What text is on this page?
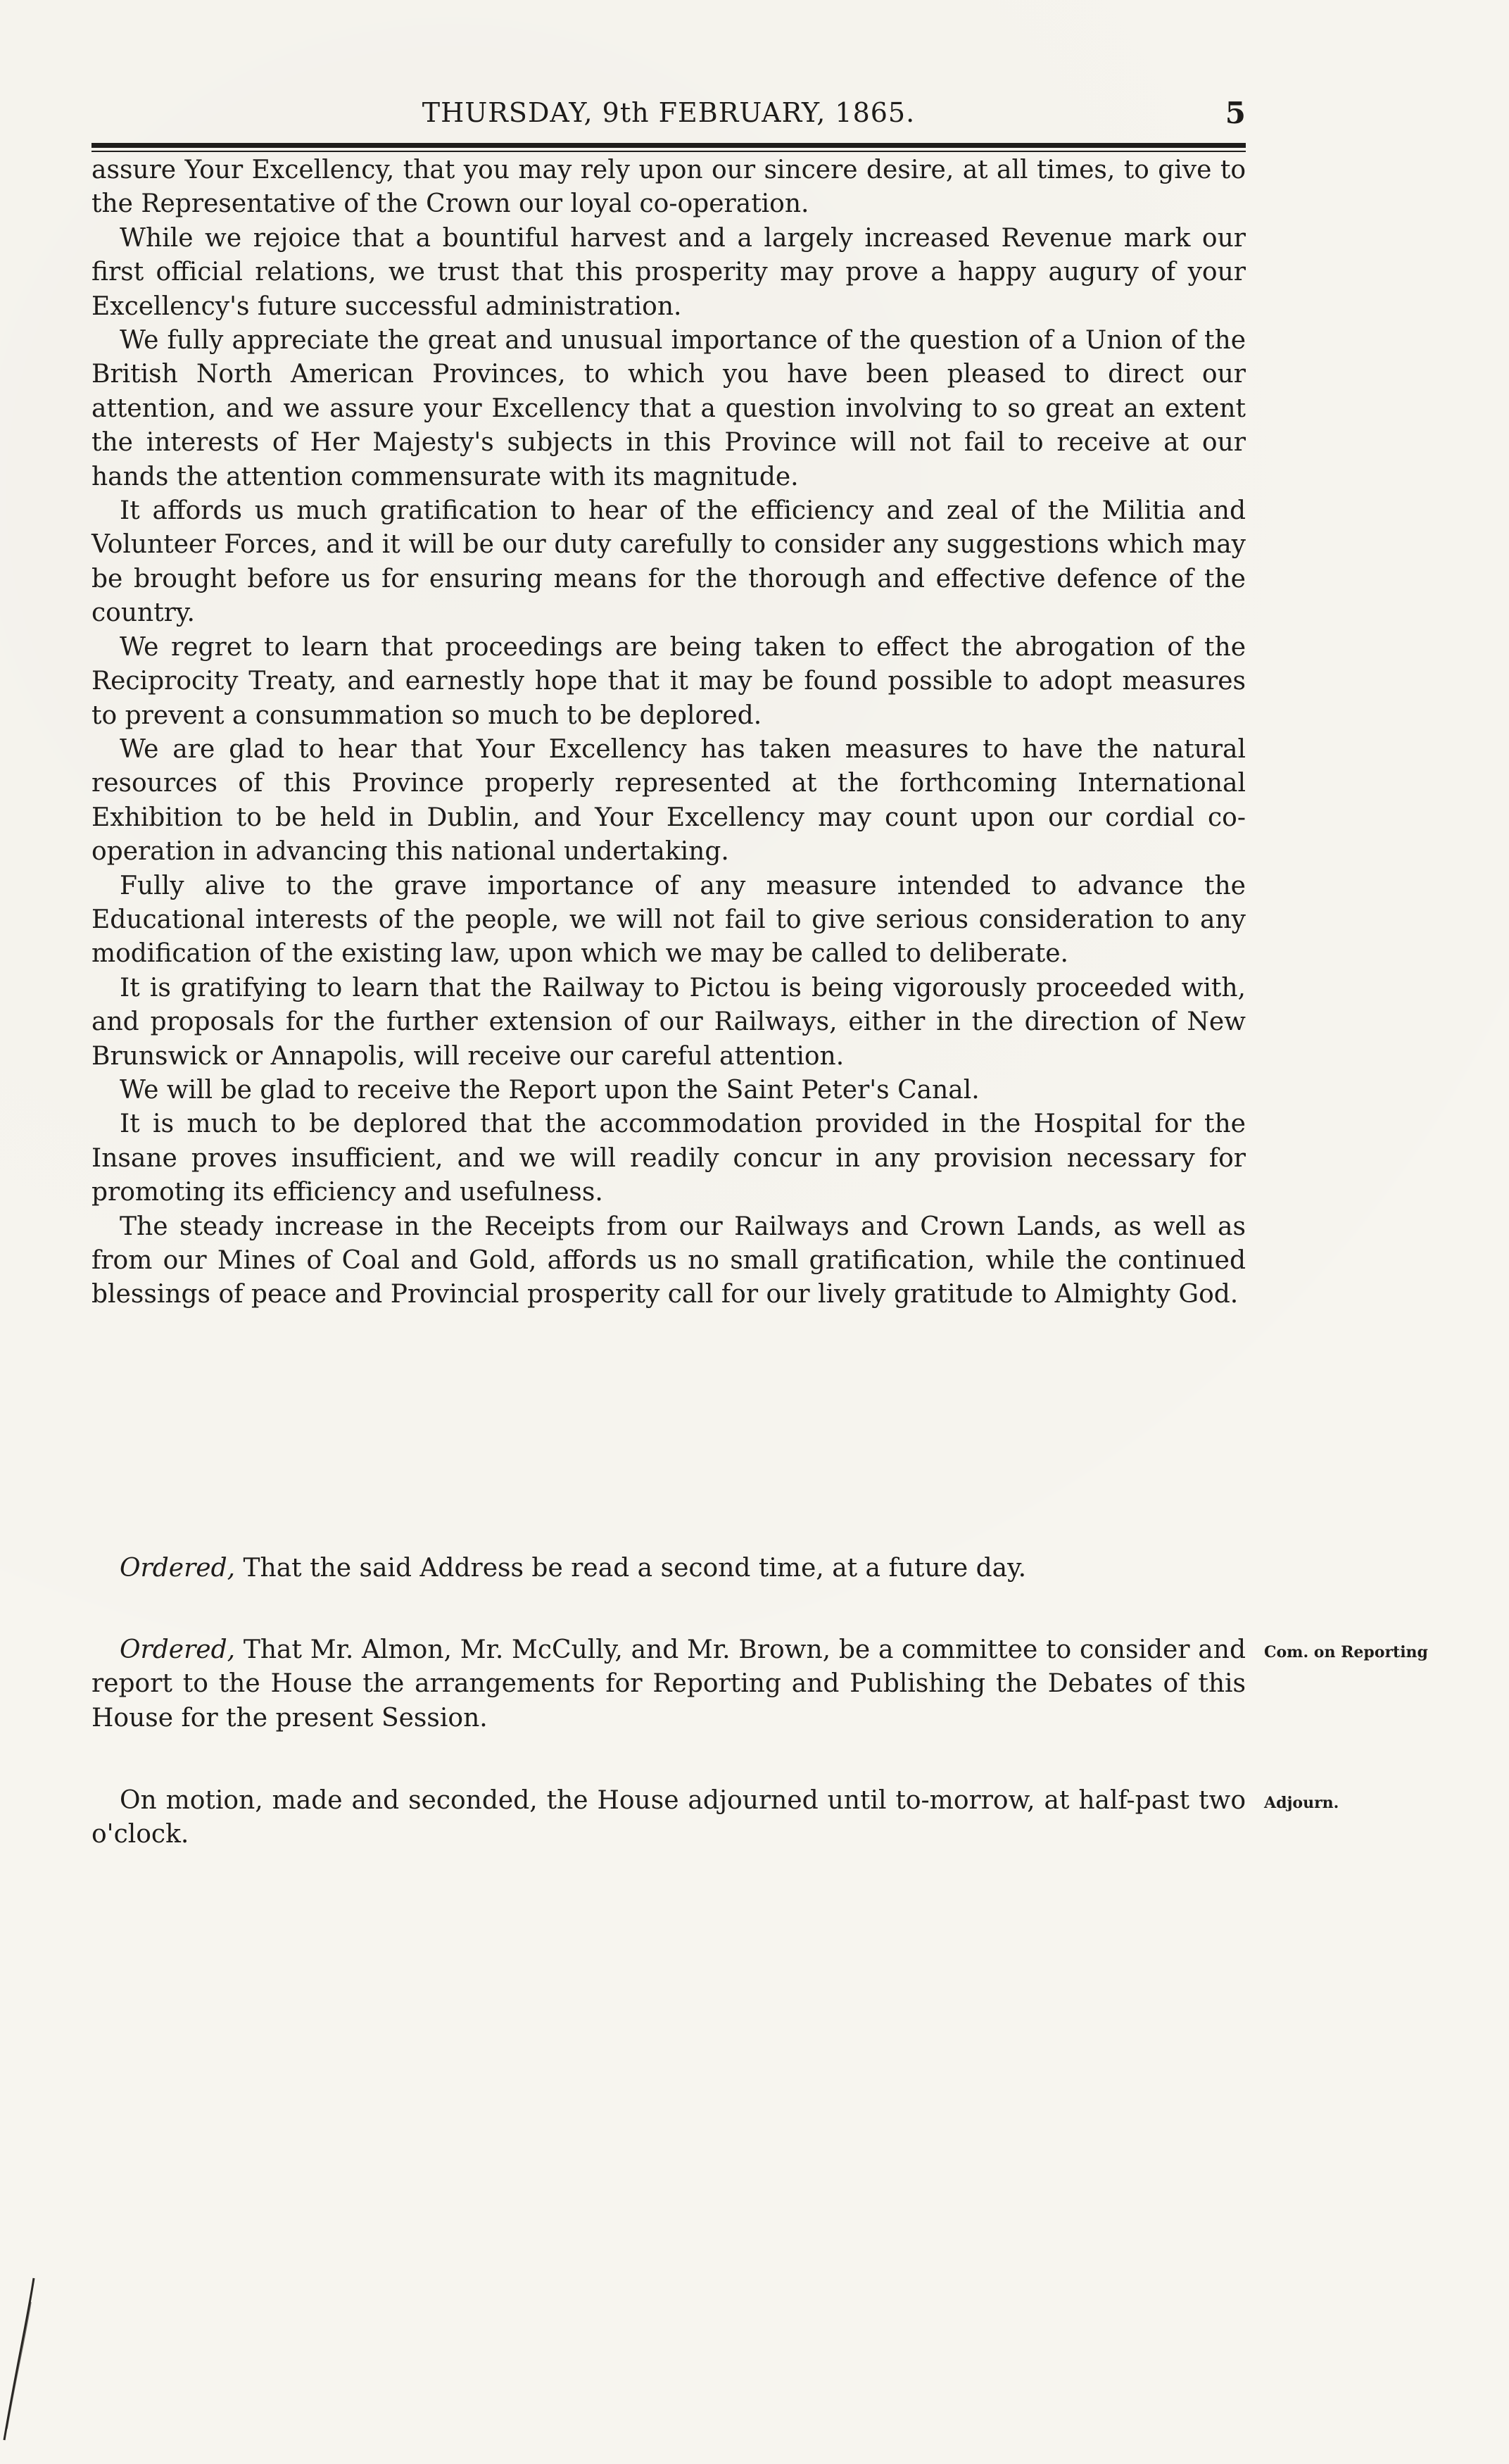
THURSDAY, 9th FEBRUARY, 1865.	5

assure Your Excellency, that you may rely upon our sincere desire, at all times, to give to the Representative of the Crown our loyal co-operation.

While we rejoice that a bountiful harvest and a largely increased Revenue mark our first official relations, we trust that this prosperity may prove a happy augury of your Excellency's future successful administration.

We fully appreciate the great and unusual importance of the question of a Union of the British North American Provinces, to which you have been pleased to direct our attention, and we assure your Excellency that a question involving to so great an extent the interests of Her Majesty's subjects in this Province will not fail to receive at our hands the attention commensurate with its magnitude.

It affords us much gratification to hear of the efficiency and zeal of the Militia and Volunteer Forces, and it will be our duty carefully to consider any suggestions which may be brought before us for ensuring means for the thorough and effective defence of the country.

We regret to learn that proceedings are being taken to effect the abrogation of the Reciprocity Treaty, and earnestly hope that it may be found possible to adopt measures to prevent a consummation so much to be deplored.

We are glad to hear that Your Excellency has taken measures to have the natural resources of this Province properly represented at the forthcoming International Exhibition to be held in Dublin, and Your Excellency may count upon our cordial co-operation in advancing this national undertaking.

Fully alive to the grave importance of any measure intended to advance the Educational interests of the people, we will not fail to give serious consideration to any modification of the existing law, upon which we may be called to deliberate.

It is gratifying to learn that the Railway to Pictou is being vigorously proceeded with, and proposals for the further extension of our Railways, either in the direction of New Brunswick or Annapolis, will receive our careful attention.

We will be glad to receive the Report upon the Saint Peter's Canal.

It is much to be deplored that the accommodation provided in the Hospital for the Insane proves insufficient, and we will readily concur in any provision necessary for promoting its efficiency and usefulness.

The steady increase in the Receipts from our Railways and Crown Lands, as well as from our Mines of Coal and Gold, affords us no small gratification, while the continued blessings of peace and Provincial prosperity call for our lively gratitude to Almighty God.

Ordered, That the said Address be read a second time, at a future day.
Ordered, That Mr. Almon, Mr. McCully, and Mr. Brown, be a committee to consider and report to the House the arrangements for Reporting and Publishing the Debates of this House for the present Session.
Com. on Reporting
On motion, made and seconded, the House adjourned until to-morrow, at half-past two o'clock.
Adjourn.
